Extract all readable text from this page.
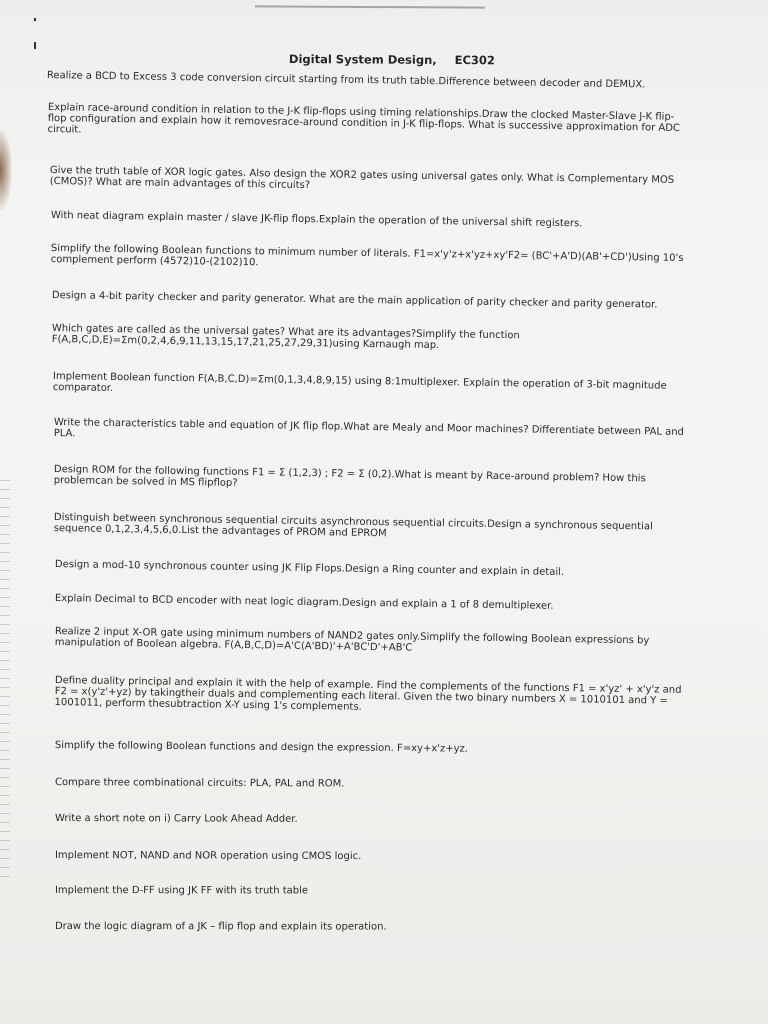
Digital System Design, EC302
Realize a BCD to Excess 3 code conversion circuit starting from its truth table.Difference between decoder and DEMUX.
Explain race-around condition in relation to the J-K flip-flops using timing relationships.Draw the clocked Master-Slave J-K flip-flop configuration and explain how it removesrace-around condition in J-K flip-flops. What is successive approximation for ADC circuit.
Give the truth table of XOR logic gates. Also design the XOR2 gates using universal gates only. What is Complementary MOS (CMOS)? What are main advantages of this circuits?
With neat diagram explain master / slave JK-flip flops.Explain the operation of the universal shift registers.
Simplify the following Boolean functions to minimum number of literals. F1=x'y'z+x'yz+xy'F2= (BC'+A'D)(AB'+CD')Using 10's complement perform (4572)10-(2102)10.
Design a 4-bit parity checker and parity generator. What are the main application of parity checker and parity generator.
Which gates are called as the universal gates? What are its advantages?Simplify the function F(A,B,C,D,E)=Σm(0,2,4,6,9,11,13,15,17,21,25,27,29,31)using Karnaugh map.
Implement Boolean function F(A,B,C,D)=Σm(0,1,3,4,8,9,15) using 8:1multiplexer. Explain the operation of 3-bit magnitude comparator.
Write the characteristics table and equation of JK flip flop.What are Mealy and Moor machines? Differentiate between PAL and PLA.
Design ROM for the following functions F1 = Σ (1,2,3) ; F2 = Σ (0,2).What is meant by Race-around problem? How this problemcan be solved in MS flipflop?
Distinguish between synchronous sequential circuits asynchronous sequential circuits.Design a synchronous sequential sequence 0,1,2,3,4,5,6,0.List the advantages of PROM and EPROM
Design a mod-10 synchronous counter using JK Flip Flops.Design a Ring counter and explain in detail.
Explain Decimal to BCD encoder with neat logic diagram.Design and explain a 1 of 8 demultiplexer.
Realize 2 input X-OR gate using minimum numbers of NAND2 gates only.Simplify the following Boolean expressions by manipulation of Boolean algebra. F(A,B,C,D)=A'C(A'BD)'+A'BC'D'+AB'C
Define duality principal and explain it with the help of example. Find the complements of the functions F1 = x'yz' + x'y'z and F2 = x(y'z'+yz) by takingtheir duals and complementing each literal. Given the two binary numbers X = 1010101 and Y = 1001011, perform thesubtraction X-Y using 1's complements.
Simplify the following Boolean functions and design the expression. F=xy+x'z+yz.
Compare three combinational circuits: PLA, PAL and ROM.
Write a short note on i) Carry Look Ahead Adder.
Implement NOT, NAND and NOR operation using CMOS logic.
Implement the D-FF using JK FF with its truth table
Draw the logic diagram of a JK – flip flop and explain its operation.
